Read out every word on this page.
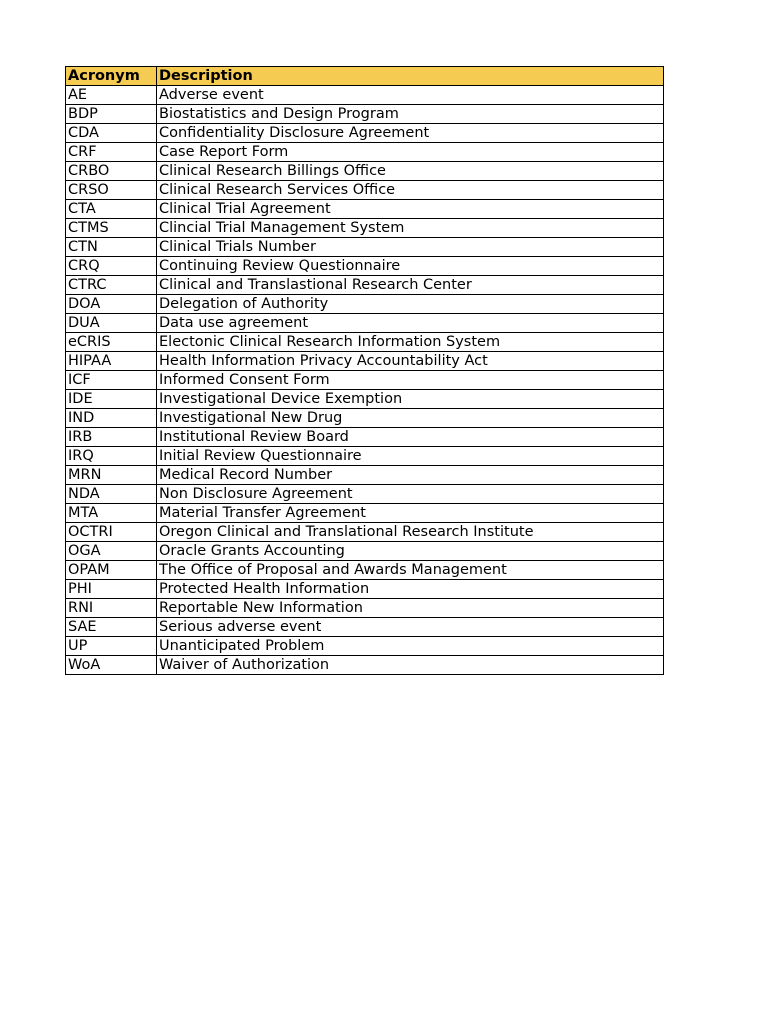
Acronym	Description
AE	Adverse event
BDP	Biostatistics and Design Program
CDA	Confidentiality Disclosure Agreement
CRF	Case Report Form
CRBO	Clinical Research Billings Office
CRSO	Clinical Research Services Office
CTA	Clinical Trial Agreement
CTMS	Clincial Trial Management System
CTN	Clinical Trials Number
CRQ	Continuing Review Questionnaire
CTRC	Clinical and Translastional Research Center
DOA	Delegation of Authority
DUA	Data use agreement
eCRIS	Electonic Clinical Research Information System
HIPAA	Health Information Privacy Accountability Act
ICF	Informed Consent Form
IDE	Investigational Device Exemption
IND	Investigational New Drug
IRB	Institutional Review Board
IRQ	Initial Review Questionnaire
MRN	Medical Record Number
NDA	Non Disclosure Agreement
MTA	Material Transfer Agreement
OCTRI	Oregon Clinical and Translational Research Institute
OGA	Oracle Grants Accounting
OPAM	The Office of Proposal and Awards Management
PHI	Protected Health Information
RNI	Reportable New Information
SAE	Serious adverse event
UP	Unanticipated Problem
WoA	Waiver of Authorization
